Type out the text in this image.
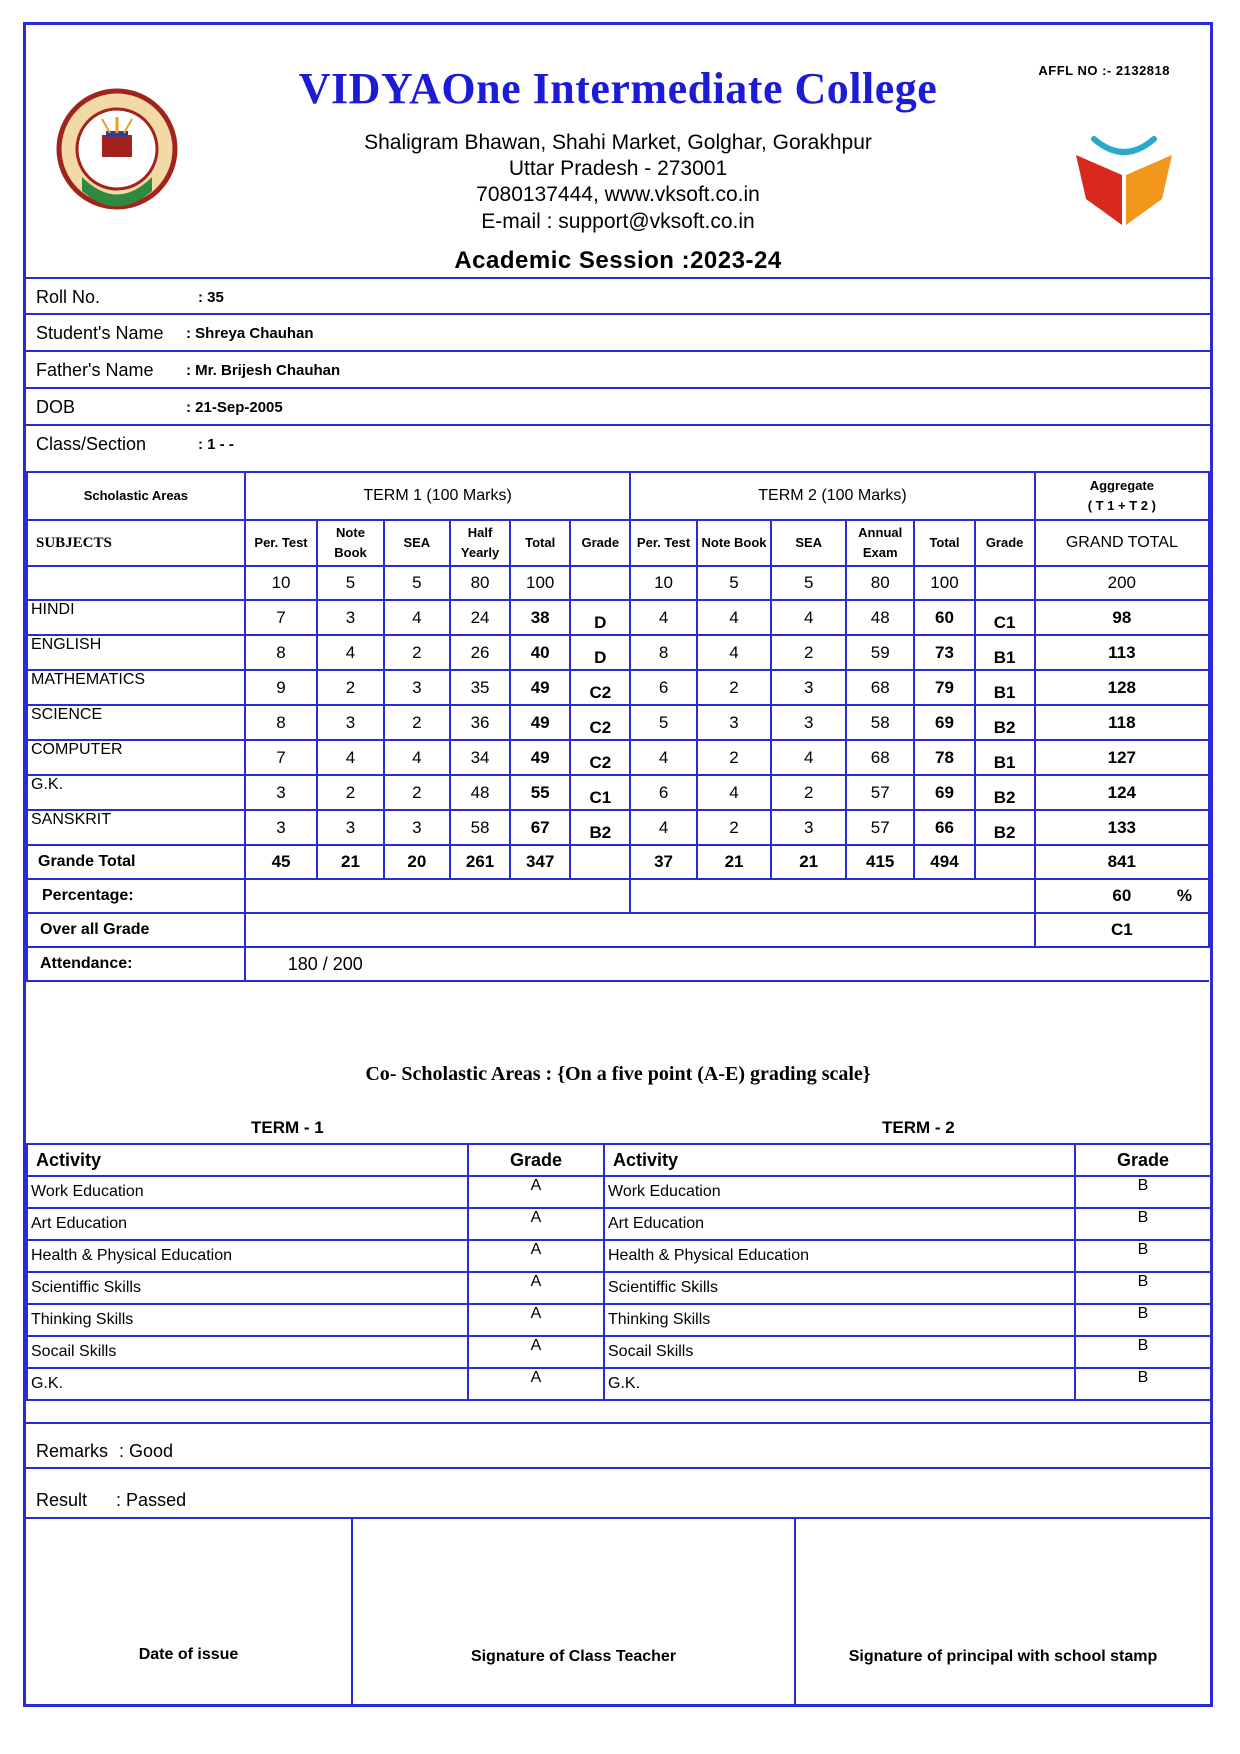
VIDYAOne Intermediate College	AFFL NO :- 2132818
Shaligram Bhawan, Shahi Market, Golghar, Gorakhpur
Uttar Pradesh - 273001
7080137444, www.vksoft.co.in
E-mail : support@vksoft.co.in
Academic Session :2023-24
Roll No.	: 35
Student's Name : Shreya Chauhan
Father's Name : Mr. Brijesh Chauhan
DOB	: 21-Sep-2005
Class/Section	: 1 - -
Scholastic Areas	TERM 1 (100 Marks)						TERM 2 (100 Marks)						Aggregate
( T 1 + T 2 )

SUBJECTS	Per. Test	Note Book	SEA	Half Yearly	Total	Grade	Per. Test	Note Book	SEA	Annual Exam	Total	Grade	GRAND TOTAL
	10	5	5	80	100		10	5	5	80	100		200
HINDI	7	3	4	24	38	D	4	4	4	48	60	C1	98
ENGLISH	8	4	2	26	40	D	8	4	2	59	73	B1	113
MATHEMATICS	9	2	3	35	49	C2	6	2	3	68	79	B1	128
SCIENCE	8	3	2	36	49	C2	5	3	3	58	69	B2	118
COMPUTER	7	4	4	34	49	C2	4	2	4	68	78	B1	127
G.K.	3	2	2	48	55	C1	6	4	2	57	69	B2	124
SANSKRIT	3	3	3	58	67	B2	4	2	3	57	66	B2	133
Grande Total	45	21	20	261	347		37	21	21	415	494		841
Percentage:													60 %

Over all Grade													C1
Attendance:	180 / 200												
Co- Scholastic Areas : {On a five point (A-E) grading scale}
TERM - 1	TERM - 2
Activity	Grade
Work Education	A
Art Education	A
Health & Physical Education	A
Scientiffic Skills	A
Thinking Skills	A
Socail Skills	A
G.K.	A
Activity	Grade
Work Education	B
Art Education	B
Health & Physical Education	B
Scientiffic Skills	B
Thinking Skills	B
Socail Skills	B
G.K.	B
Remarks : Good
Result : Passed
Date of issue	Signature of Class Teacher	Signature of principal with school stamp
